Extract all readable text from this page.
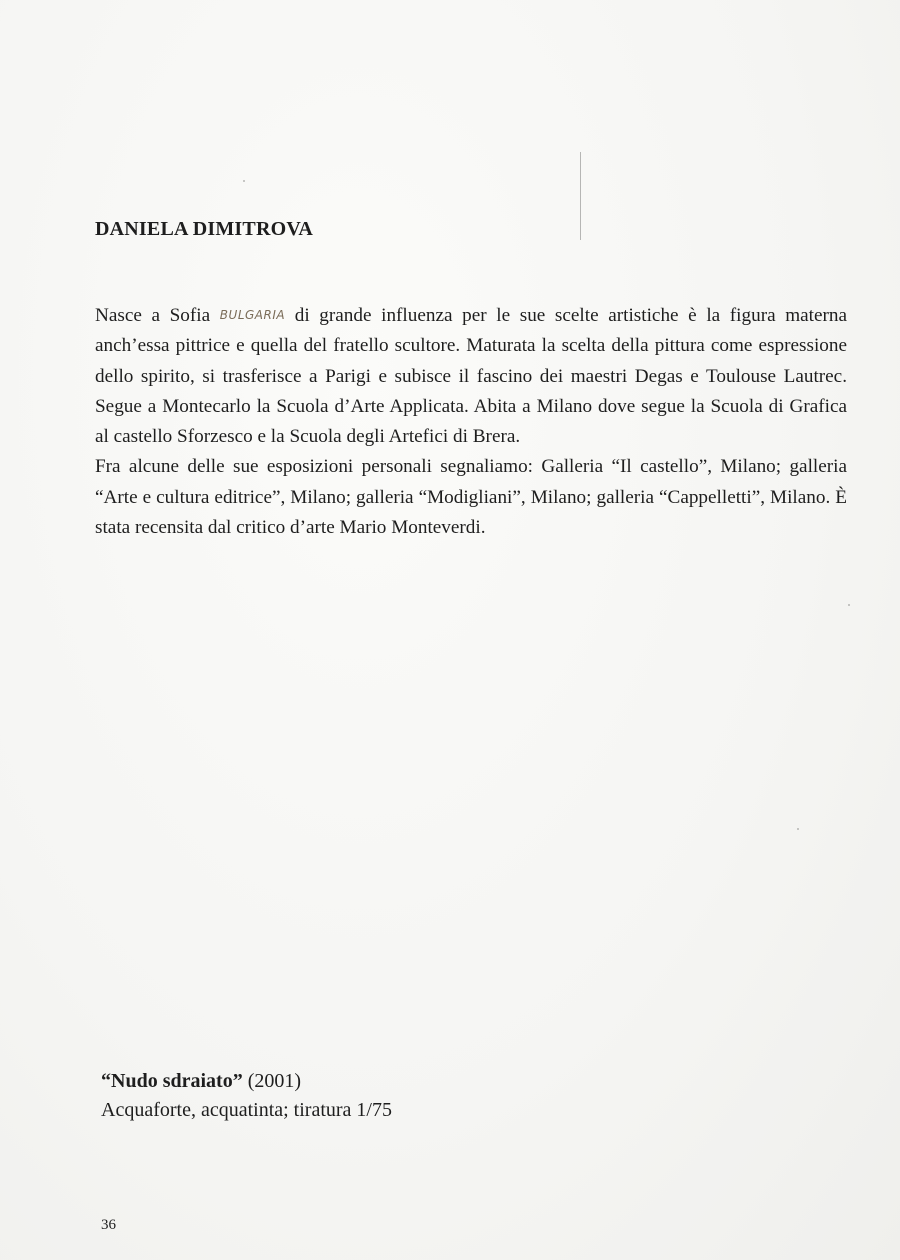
DANIELA DIMITROVA

Nasce a Sofia BULGARIA di grande influenza per le sue scelte artistiche è la figura materna anch’essa pittrice e quella del fratello scultore. Maturata la scelta della pittura come espressione dello spirito, si trasferisce a Parigi e subisce il fascino dei maestri Degas e Toulouse Lautrec. Segue a Montecarlo la Scuola d’Arte Applicata. Abita a Milano dove segue la Scuola di Grafica al castello Sforzesco e la Scuola degli Artefici di Brera.

Fra alcune delle sue esposizioni personali segnaliamo: Galleria “Il castello”, Milano; galleria “Arte e cultura editrice”, Milano; galleria “Modigliani”, Milano; galleria “Cappelletti”, Milano. È stata recensita dal critico d’arte Mario Monteverdi.

“Nudo sdraiato” (2001)

Acquaforte, acquatinta; tiratura 1/75

36
